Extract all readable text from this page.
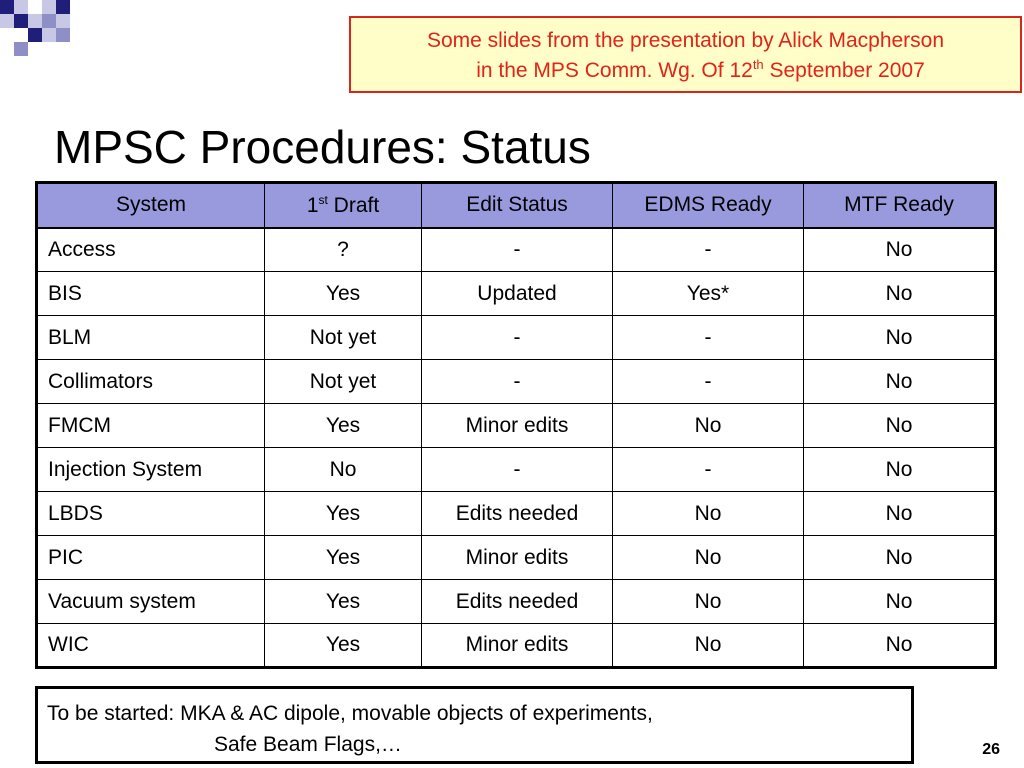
Some slides from the presentation by Alick Macpherson
in the MPS Comm. Wg. Of 12th September 2007
MPSC Procedures: Status
System	1st Draft	Edit Status	EDMS Ready	MTF Ready
Access	?	-	-	No
BIS	Yes	Updated	Yes*	No
BLM	Not yet	-	-	No
Collimators	Not yet	-	-	No
FMCM	Yes	Minor edits	No	No
Injection System	No	-	-	No
LBDS	Yes	Edits needed	No	No
PIC	Yes	Minor edits	No	No
Vacuum system	Yes	Edits needed	No	No
WIC	Yes	Minor edits	No	No
To be started: MKA & AC dipole, movable objects of experiments,
Safe Beam Flags,…	26
